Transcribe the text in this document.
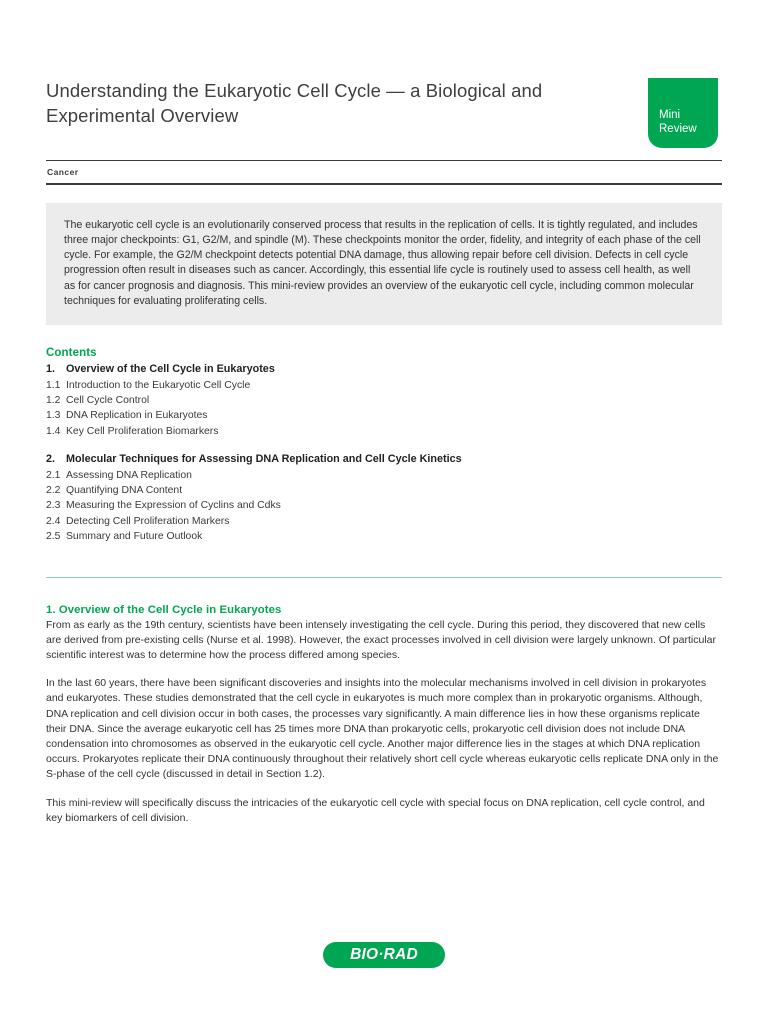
Understanding the Eukaryotic Cell Cycle — a Biological and Experimental Overview	Mini
Review
Cancer

The eukaryotic cell cycle is an evolutionarily conserved process that results in the replication of cells. It is tightly regulated, and includes three major checkpoints: G1, G2/M, and spindle (M). These checkpoints monitor the order, fidelity, and integrity of each phase of the cell cycle. For example, the G2/M checkpoint detects potential DNA damage, thus allowing repair before cell division. Defects in cell cycle progression often result in diseases such as cancer. Accordingly, this essential life cycle is routinely used to assess cell health, as well as for cancer prognosis and diagnosis. This mini-review provides an overview of the eukaryotic cell cycle, including common molecular techniques for evaluating proliferating cells.

Contents
1.	Overview of the Cell Cycle in Eukaryotes
1.1 Introduction to the Eukaryotic Cell Cycle
1.2 Cell Cycle Control
1.3 DNA Replication in Eukaryotes
1.4 Key Cell Proliferation Biomarkers
2.	Molecular Techniques for Assessing DNA Replication and Cell Cycle Kinetics
2.1 Assessing DNA Replication
2.2 Quantifying DNA Content
2.3 Measuring the Expression of Cyclins and Cdks
2.4 Detecting Cell Proliferation Markers
2.5 Summary and Future Outlook
1. Overview of the Cell Cycle in Eukaryotes

From as early as the 19th century, scientists have been intensely investigating the cell cycle. During this period, they discovered that new cells are derived from pre-existing cells (Nurse et al. 1998). However, the exact processes involved in cell division were largely unknown. Of particular scientific interest was to determine how the process differed among species.

In the last 60 years, there have been significant discoveries and insights into the molecular mechanisms involved in cell division in prokaryotes and eukaryotes. These studies demonstrated that the cell cycle in eukaryotes is much more complex than in prokaryotic organisms. Although, DNA replication and cell division occur in both cases, the processes vary significantly. A main difference lies in how these organisms replicate their DNA. Since the average eukaryotic cell has 25 times more DNA than prokaryotic cells, prokaryotic cell division does not include DNA condensation into chromosomes as observed in the eukaryotic cell cycle. Another major difference lies in the stages at which DNA replication occurs. Prokaryotes replicate their DNA continuously throughout their relatively short cell cycle whereas eukaryotic cells replicate DNA only in the S-phase of the cell cycle (discussed in detail in Section 1.2).

This mini-review will specifically discuss the intricacies of the eukaryotic cell cycle with special focus on DNA replication, cell cycle control, and key biomarkers of cell division.

BIO·RAD
